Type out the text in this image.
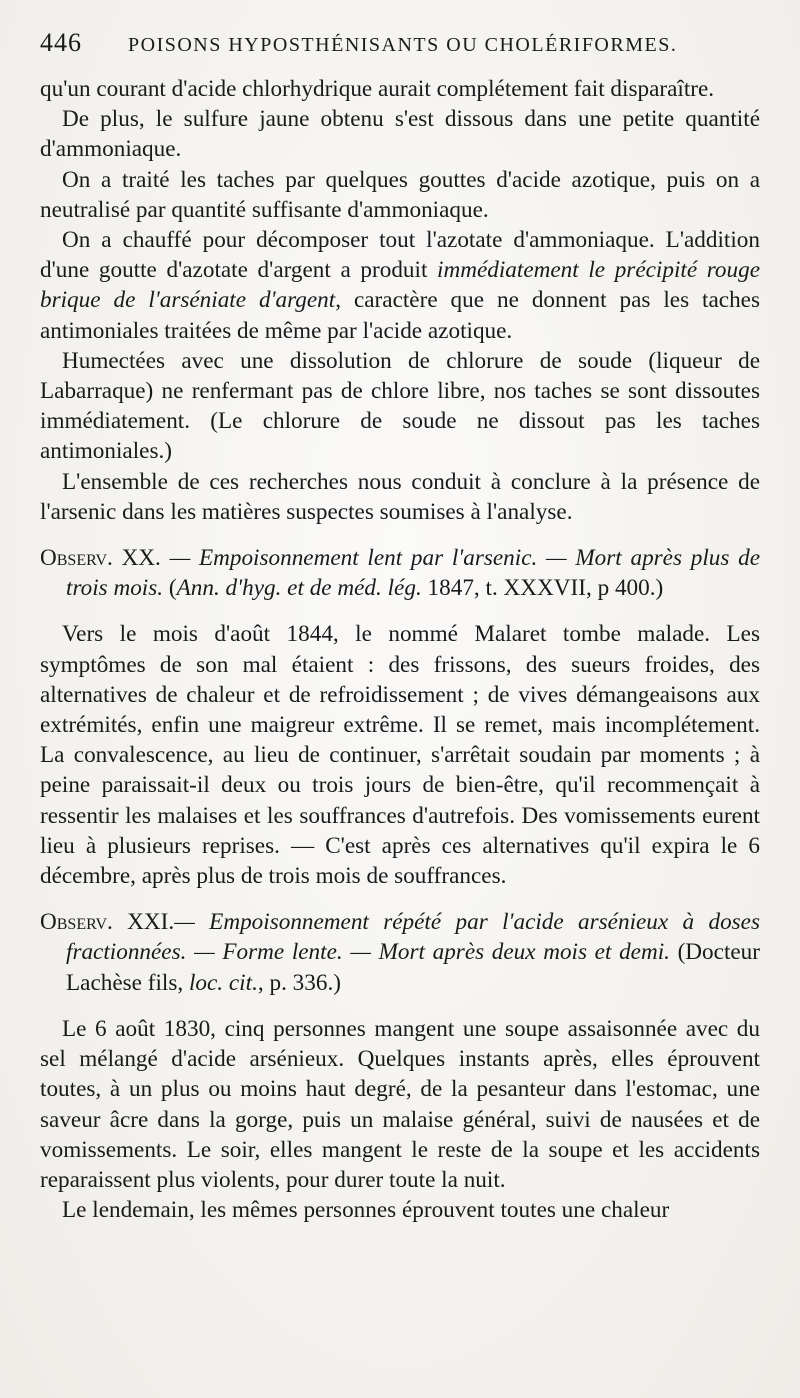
446	POISONS HYPOSTHÉNISANTS OU CHOLÉRIFORMES.

qu'un courant d'acide chlorhydrique aurait complétement fait disparaître.

De plus, le sulfure jaune obtenu s'est dissous dans une petite quantité d'ammoniaque.

On a traité les taches par quelques gouttes d'acide azotique, puis on a neutralisé par quantité suffisante d'ammoniaque.

On a chauffé pour décomposer tout l'azotate d'ammoniaque. L'addition d'une goutte d'azotate d'argent a produit immédiatement le précipité rouge brique de l'arséniate d'argent, caractère que ne donnent pas les taches antimoniales traitées de même par l'acide azotique.

Humectées avec une dissolution de chlorure de soude (liqueur de Labarraque) ne renfermant pas de chlore libre, nos taches se sont dissoutes immédiatement. (Le chlorure de soude ne dissout pas les taches antimoniales.)

L'ensemble de ces recherches nous conduit à conclure à la présence de l'arsenic dans les matières suspectes soumises à l'analyse.

Observ. XX. — Empoisonnement lent par l'arsenic. — Mort après plus de trois mois. (Ann. d'hyg. et de méd. lég. 1847, t. XXXVII, p 400.)

Vers le mois d'août 1844, le nommé Malaret tombe malade. Les symptômes de son mal étaient : des frissons, des sueurs froides, des alternatives de chaleur et de refroidissement ; de vives démangeaisons aux extrémités, enfin une maigreur extrême. Il se remet, mais incomplétement. La convalescence, au lieu de continuer, s'arrêtait soudain par moments ; à peine paraissait-il deux ou trois jours de bien-être, qu'il recommençait à ressentir les malaises et les souffrances d'autrefois. Des vomissements eurent lieu à plusieurs reprises. — C'est après ces alternatives qu'il expira le 6 décembre, après plus de trois mois de souffrances.

Observ. XXI.— Empoisonnement répété par l'acide arsénieux à doses fractionnées. — Forme lente. — Mort après deux mois et demi. (Docteur Lachèse fils, loc. cit., p. 336.)

Le 6 août 1830, cinq personnes mangent une soupe assaisonnée avec du sel mélangé d'acide arsénieux. Quelques instants après, elles éprouvent toutes, à un plus ou moins haut degré, de la pesanteur dans l'estomac, une saveur âcre dans la gorge, puis un malaise général, suivi de nausées et de vomissements. Le soir, elles mangent le reste de la soupe et les accidents reparaissent plus violents, pour durer toute la nuit.

Le lendemain, les mêmes personnes éprouvent toutes une chaleur
